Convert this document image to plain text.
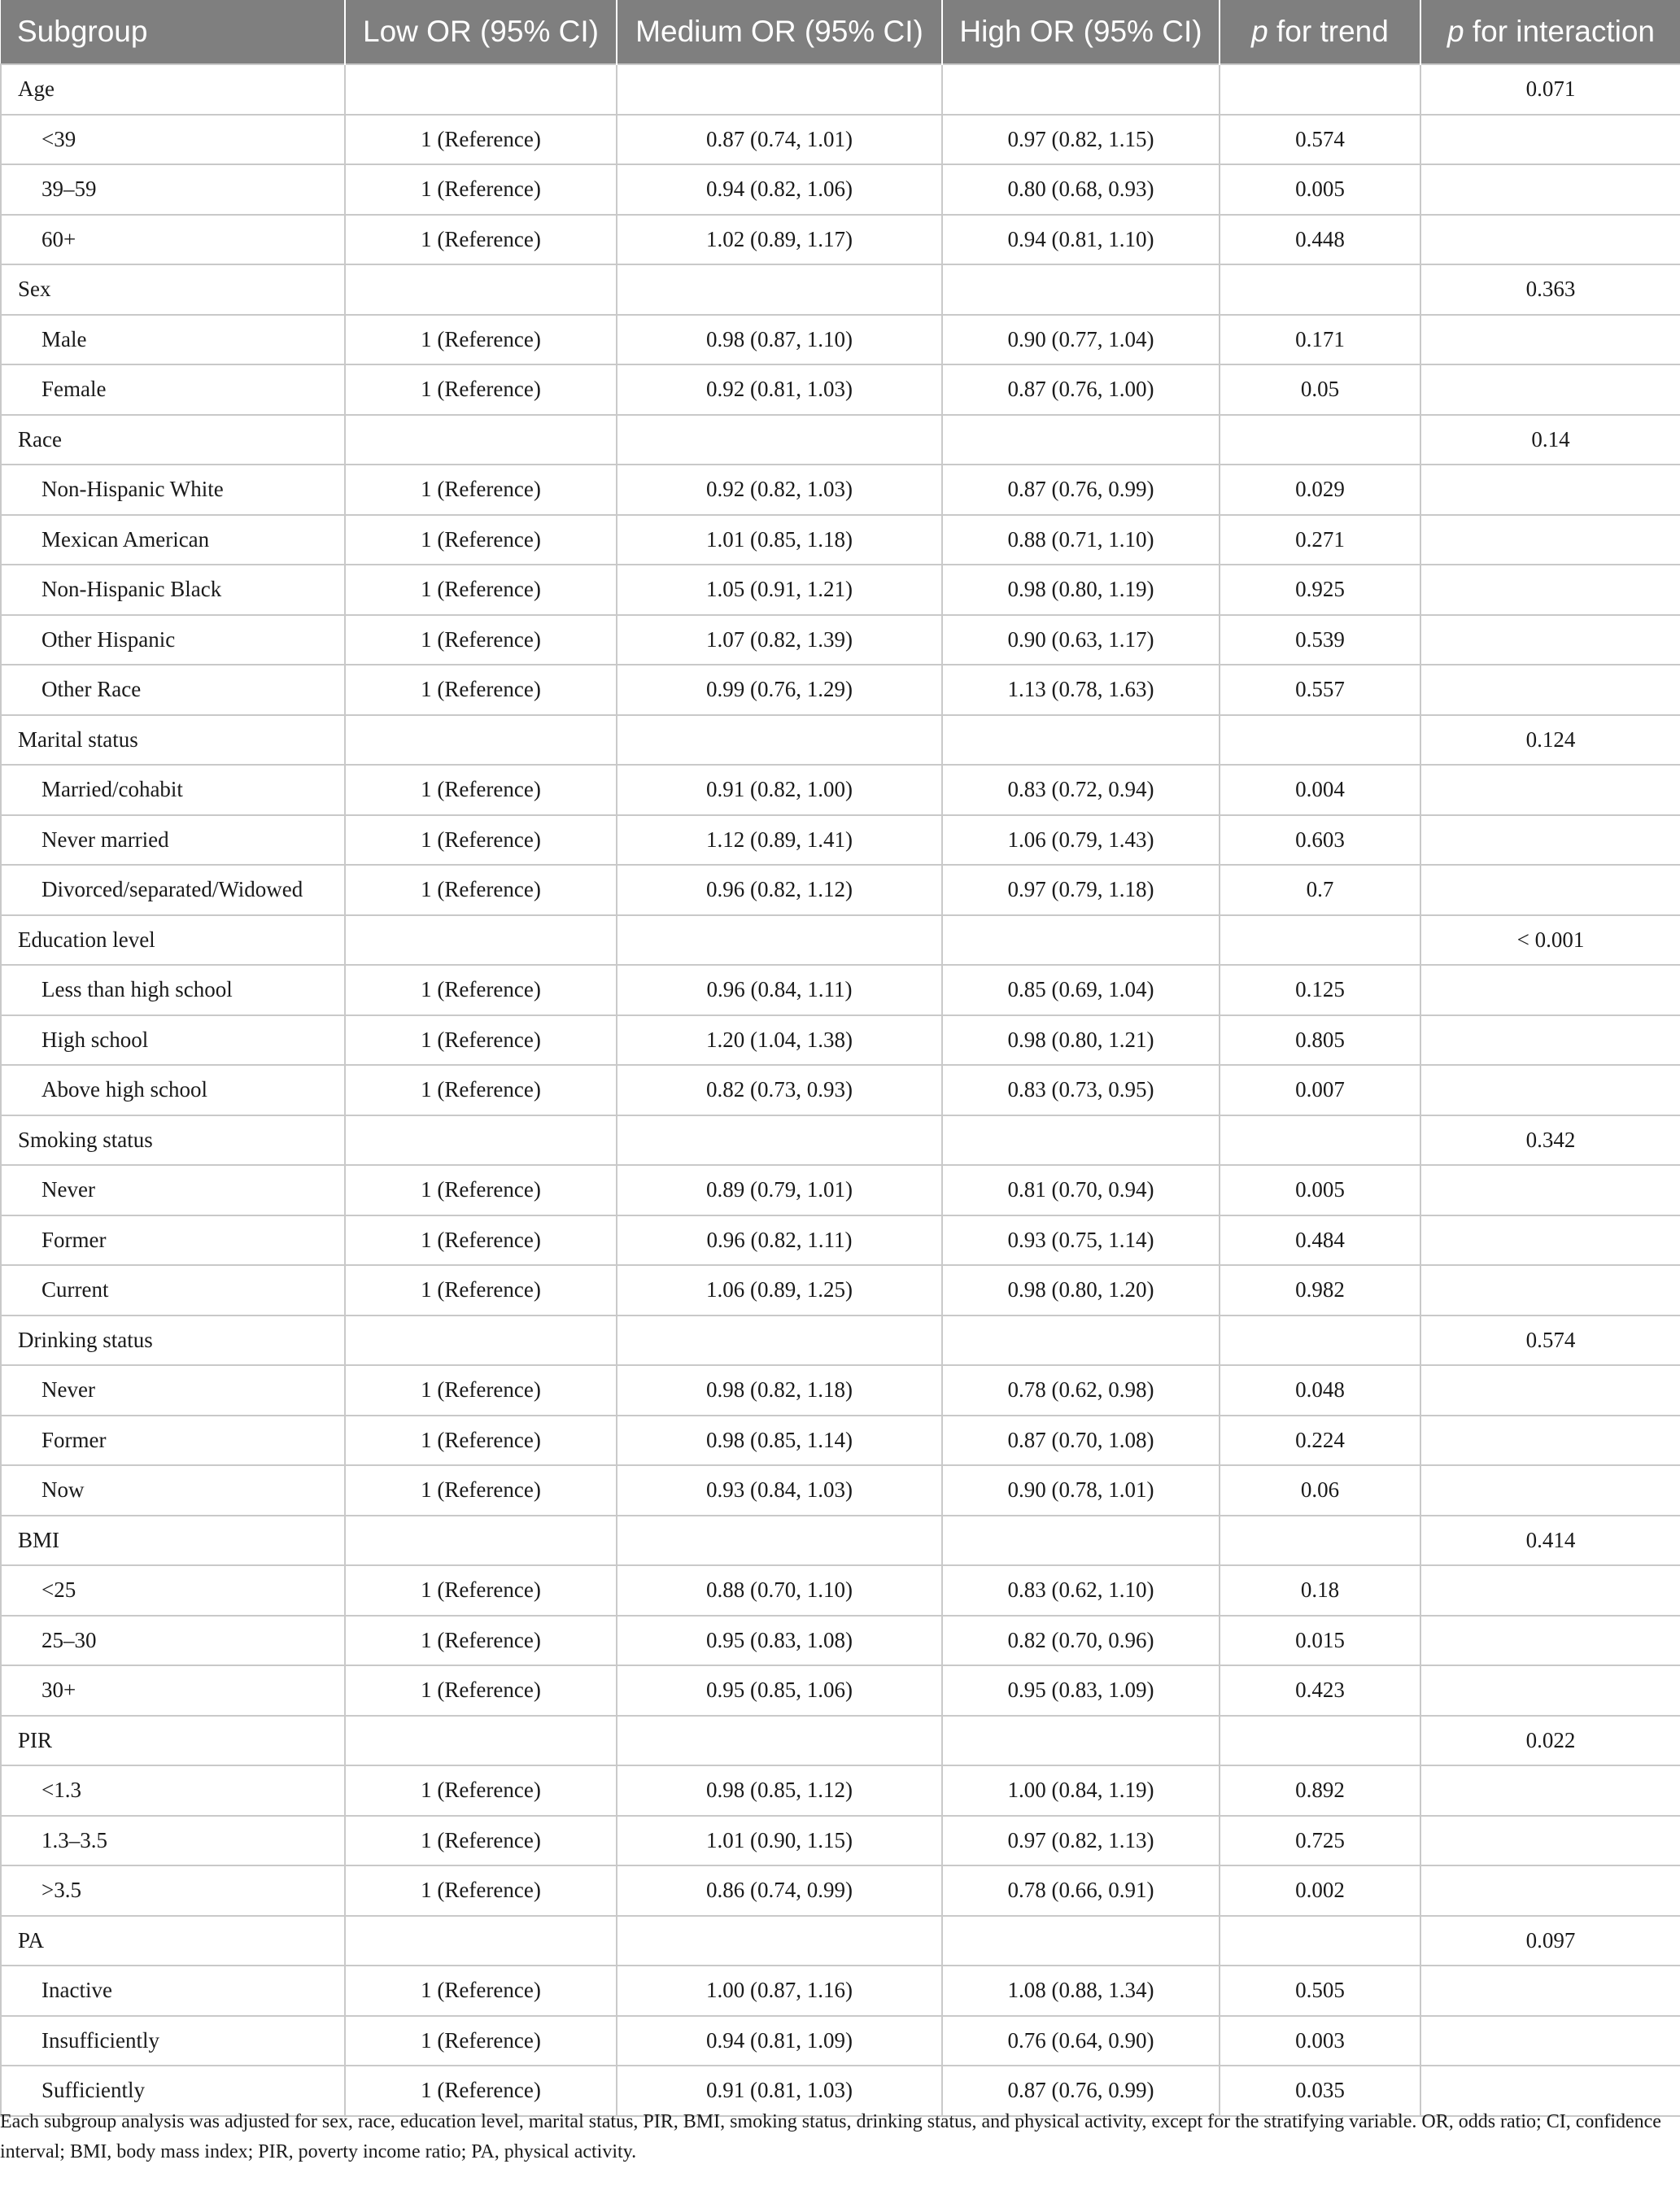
Subgroup	Low OR (95% CI)	Medium OR (95% CI)	High OR (95% CI)	p for trend	p for interaction
Age					0.071
<39	1 (Reference)	0.87 (0.74, 1.01)	0.97 (0.82, 1.15)	0.574	
39–59	1 (Reference)	0.94 (0.82, 1.06)	0.80 (0.68, 0.93)	0.005	
60+	1 (Reference)	1.02 (0.89, 1.17)	0.94 (0.81, 1.10)	0.448	
Sex					0.363
Male	1 (Reference)	0.98 (0.87, 1.10)	0.90 (0.77, 1.04)	0.171	
Female	1 (Reference)	0.92 (0.81, 1.03)	0.87 (0.76, 1.00)	0.05	
Race					0.14
Non-Hispanic White	1 (Reference)	0.92 (0.82, 1.03)	0.87 (0.76, 0.99)	0.029	
Mexican American	1 (Reference)	1.01 (0.85, 1.18)	0.88 (0.71, 1.10)	0.271	
Non-Hispanic Black	1 (Reference)	1.05 (0.91, 1.21)	0.98 (0.80, 1.19)	0.925	
Other Hispanic	1 (Reference)	1.07 (0.82, 1.39)	0.90 (0.63, 1.17)	0.539	
Other Race	1 (Reference)	0.99 (0.76, 1.29)	1.13 (0.78, 1.63)	0.557	
Marital status					0.124
Married/cohabit	1 (Reference)	0.91 (0.82, 1.00)	0.83 (0.72, 0.94)	0.004	
Never married	1 (Reference)	1.12 (0.89, 1.41)	1.06 (0.79, 1.43)	0.603	
Divorced/separated/Widowed	1 (Reference)	0.96 (0.82, 1.12)	0.97 (0.79, 1.18)	0.7	
Education level					< 0.001
Less than high school	1 (Reference)	0.96 (0.84, 1.11)	0.85 (0.69, 1.04)	0.125	
High school	1 (Reference)	1.20 (1.04, 1.38)	0.98 (0.80, 1.21)	0.805	
Above high school	1 (Reference)	0.82 (0.73, 0.93)	0.83 (0.73, 0.95)	0.007	
Smoking status					0.342
Never	1 (Reference)	0.89 (0.79, 1.01)	0.81 (0.70, 0.94)	0.005	
Former	1 (Reference)	0.96 (0.82, 1.11)	0.93 (0.75, 1.14)	0.484	
Current	1 (Reference)	1.06 (0.89, 1.25)	0.98 (0.80, 1.20)	0.982	
Drinking status					0.574
Never	1 (Reference)	0.98 (0.82, 1.18)	0.78 (0.62, 0.98)	0.048	
Former	1 (Reference)	0.98 (0.85, 1.14)	0.87 (0.70, 1.08)	0.224	
Now	1 (Reference)	0.93 (0.84, 1.03)	0.90 (0.78, 1.01)	0.06	
BMI					0.414
<25	1 (Reference)	0.88 (0.70, 1.10)	0.83 (0.62, 1.10)	0.18	
25–30	1 (Reference)	0.95 (0.83, 1.08)	0.82 (0.70, 0.96)	0.015	
30+	1 (Reference)	0.95 (0.85, 1.06)	0.95 (0.83, 1.09)	0.423	
PIR					0.022
<1.3	1 (Reference)	0.98 (0.85, 1.12)	1.00 (0.84, 1.19)	0.892	
1.3–3.5	1 (Reference)	1.01 (0.90, 1.15)	0.97 (0.82, 1.13)	0.725	
>3.5	1 (Reference)	0.86 (0.74, 0.99)	0.78 (0.66, 0.91)	0.002	
PA					0.097
Inactive	1 (Reference)	1.00 (0.87, 1.16)	1.08 (0.88, 1.34)	0.505	
Insufficiently	1 (Reference)	0.94 (0.81, 1.09)	0.76 (0.64, 0.90)	0.003	
Sufficiently	1 (Reference)	0.91 (0.81, 1.03)	0.87 (0.76, 0.99)	0.035	
Each subgroup analysis was adjusted for sex, race, education level, marital status, PIR, BMI, smoking status, drinking status, and physical activity, except for the stratifying variable. OR, odds ratio; CI, confidence interval; BMI, body mass index; PIR, poverty income ratio; PA, physical activity.
